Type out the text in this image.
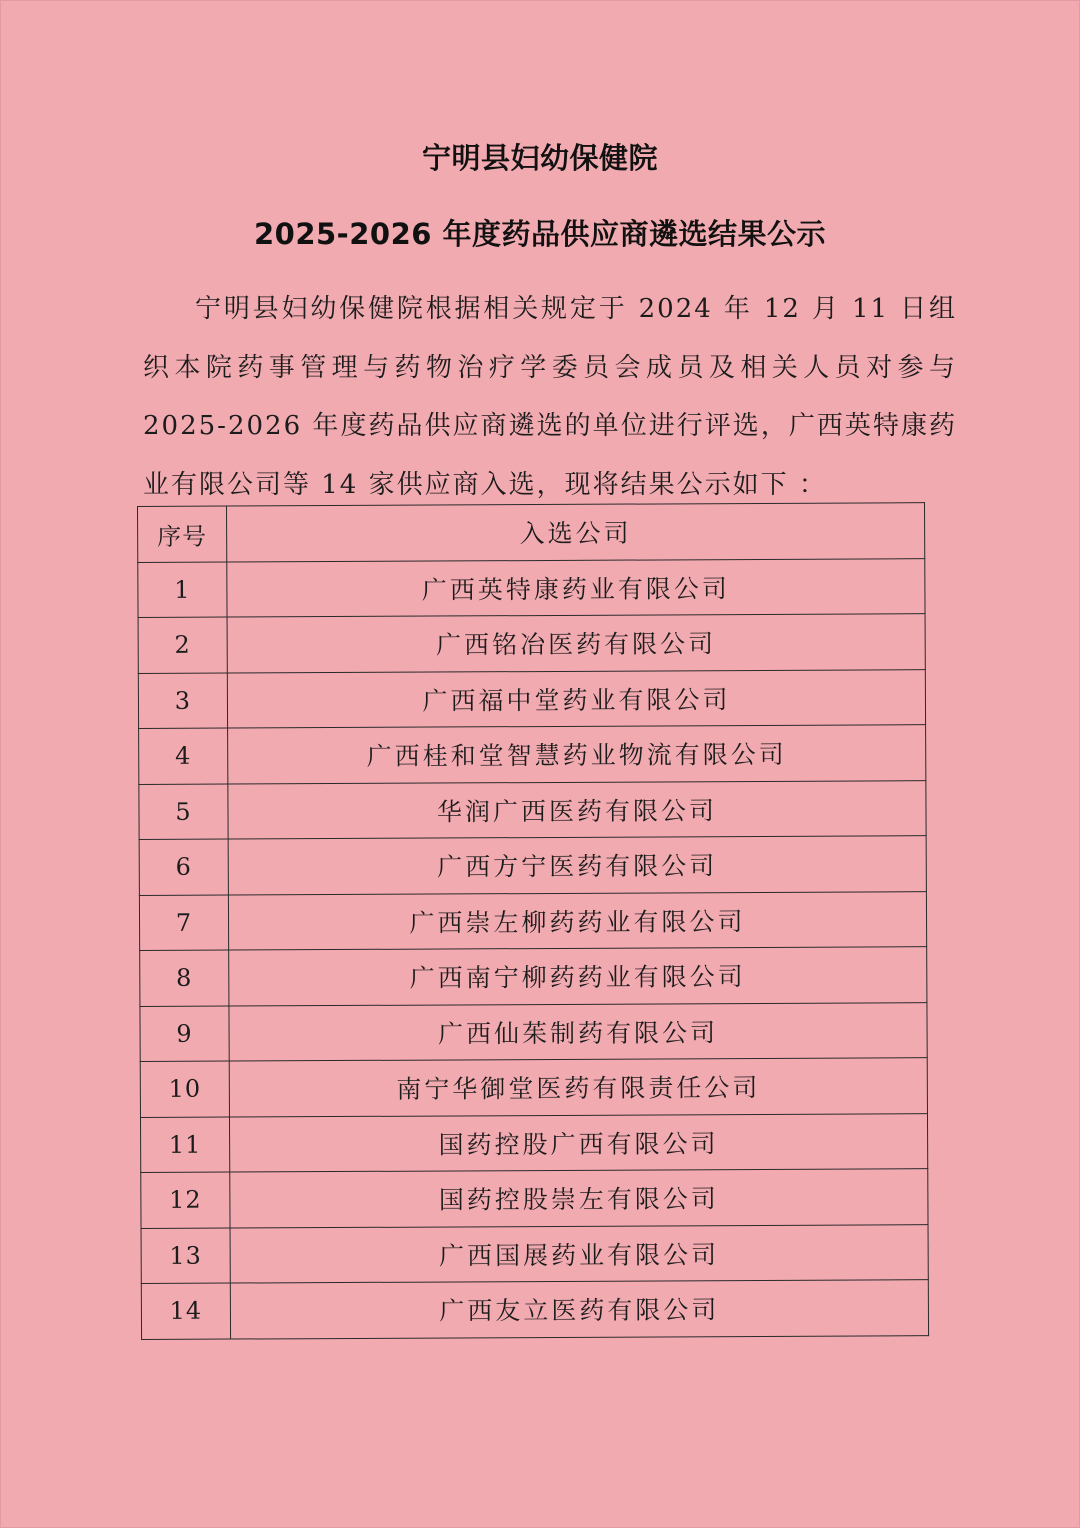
宁明县妇幼保健院
2025-2026 年度药品供应商遴选结果公示

宁明县妇幼保健院根据相关规定于 2024 年 12 月 11 日组织本院药事管理与药物治疗学委员会成员及相关人员对参与 2025-2026 年度药品供应商遴选的单位进行评选，广西英特康药业有限公司等 14 家供应商入选，现将结果公示如下 ：

序号	入选公司
1	广西英特康药业有限公司
2	广西铭冶医药有限公司
3	广西福中堂药业有限公司
4	广西桂和堂智慧药业物流有限公司
5	华润广西医药有限公司
6	广西方宁医药有限公司
7	广西崇左柳药药业有限公司
8	广西南宁柳药药业有限公司
9	广西仙茱制药有限公司
10	南宁华御堂医药有限责任公司
11	国药控股广西有限公司
12	国药控股崇左有限公司
13	广西国展药业有限公司
14	广西友立医药有限公司
